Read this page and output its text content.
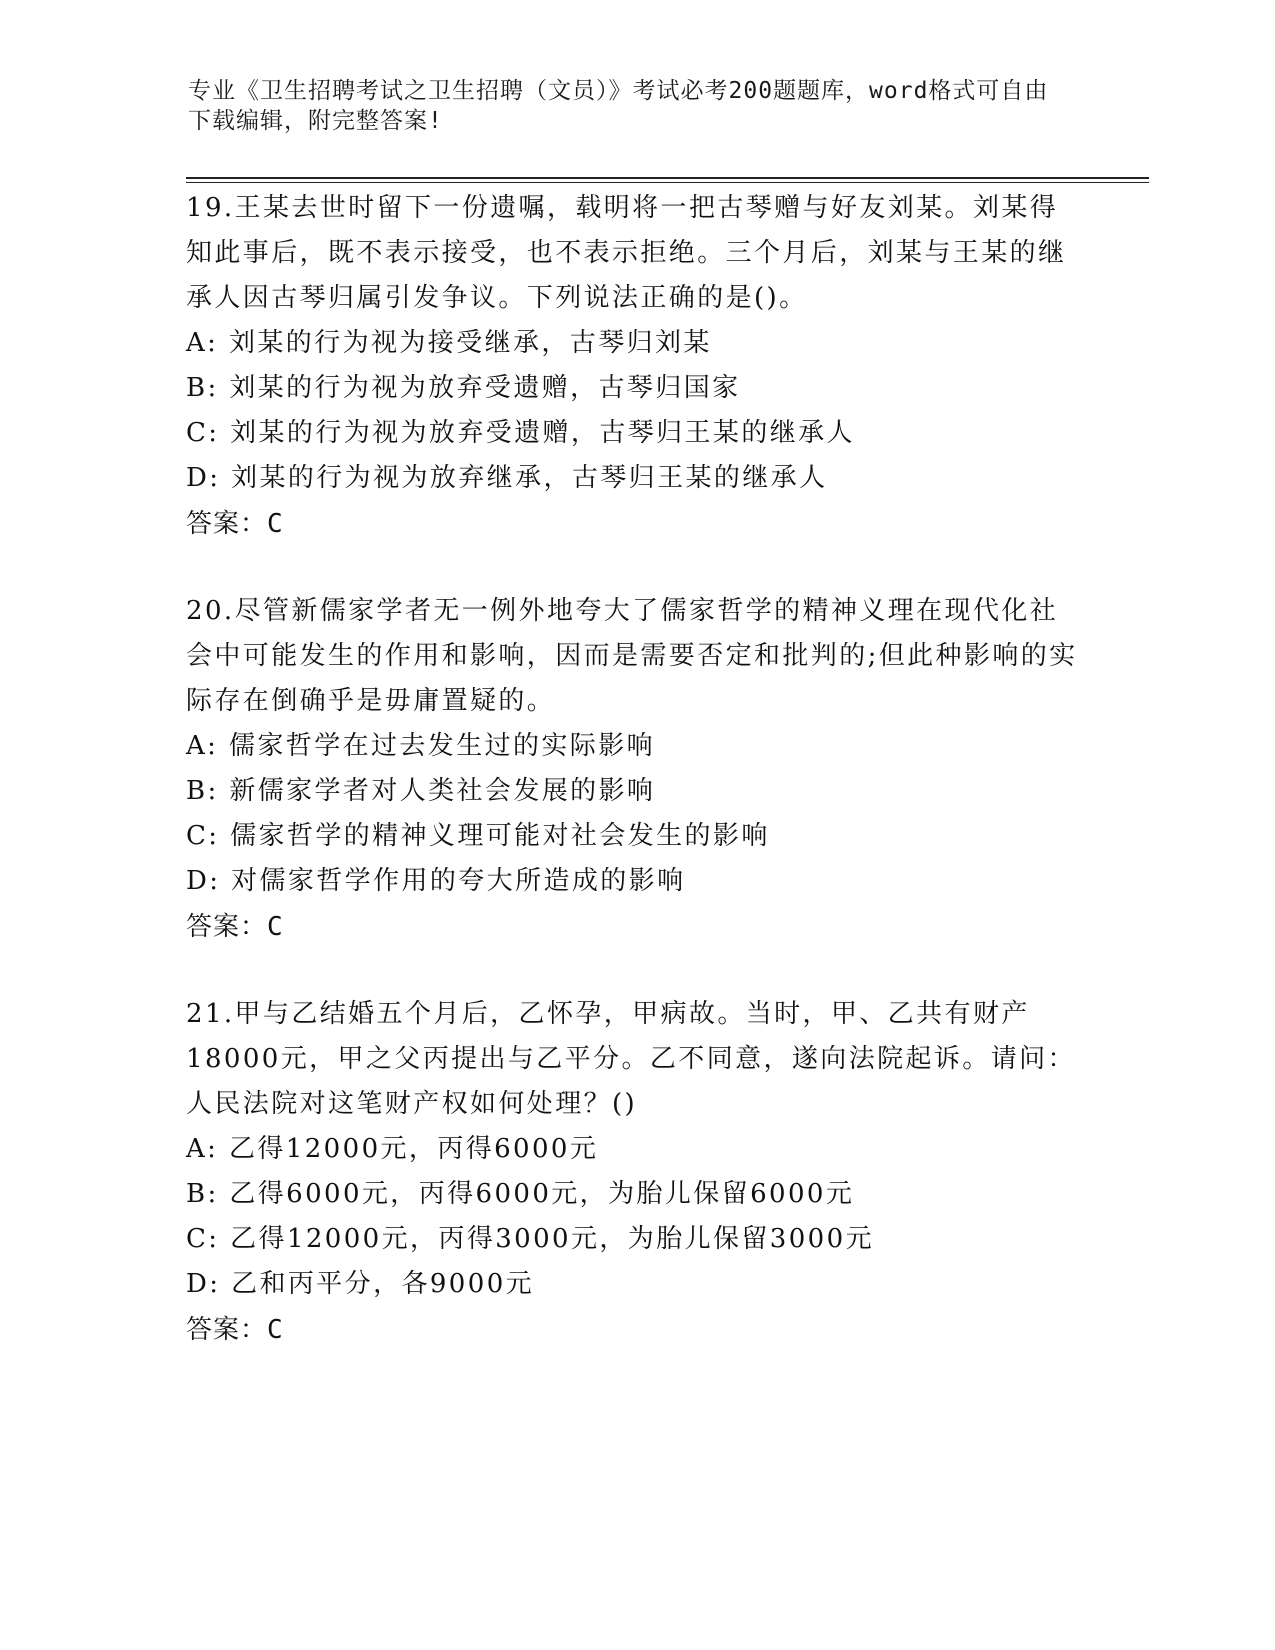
专业《卫生招聘考试之卫生招聘（文员）》考试必考200题题库，word格式可自由下载编辑，附完整答案!

19.王某去世时留下一份遗嘱，载明将一把古琴赠与好友刘某。刘某得知此事后，既不表示接受，也不表示拒绝。三个月后，刘某与王某的继承人因古琴归属引发争议。下列说法正确的是()。

A: 刘某的行为视为接受继承，古琴归刘某

B: 刘某的行为视为放弃受遗赠，古琴归国家

C: 刘某的行为视为放弃受遗赠，古琴归王某的继承人

D: 刘某的行为视为放弃继承，古琴归王某的继承人

答案：C

20.尽管新儒家学者无一例外地夸大了儒家哲学的精神义理在现代化社会中可能发生的作用和影响，因而是需要否定和批判的;但此种影响的实际存在倒确乎是毋庸置疑的。

A: 儒家哲学在过去发生过的实际影响

B: 新儒家学者对人类社会发展的影响

C: 儒家哲学的精神义理可能对社会发生的影响

D: 对儒家哲学作用的夸大所造成的影响

答案：C

21.甲与乙结婚五个月后，乙怀孕，甲病故。当时，甲、乙共有财产18000元，甲之父丙提出与乙平分。乙不同意，遂向法院起诉。请问：人民法院对这笔财产权如何处理？()

A: 乙得12000元，丙得6000元

B: 乙得6000元，丙得6000元，为胎儿保留6000元

C: 乙得12000元，丙得3000元，为胎儿保留3000元

D: 乙和丙平分，各9000元

答案：C
